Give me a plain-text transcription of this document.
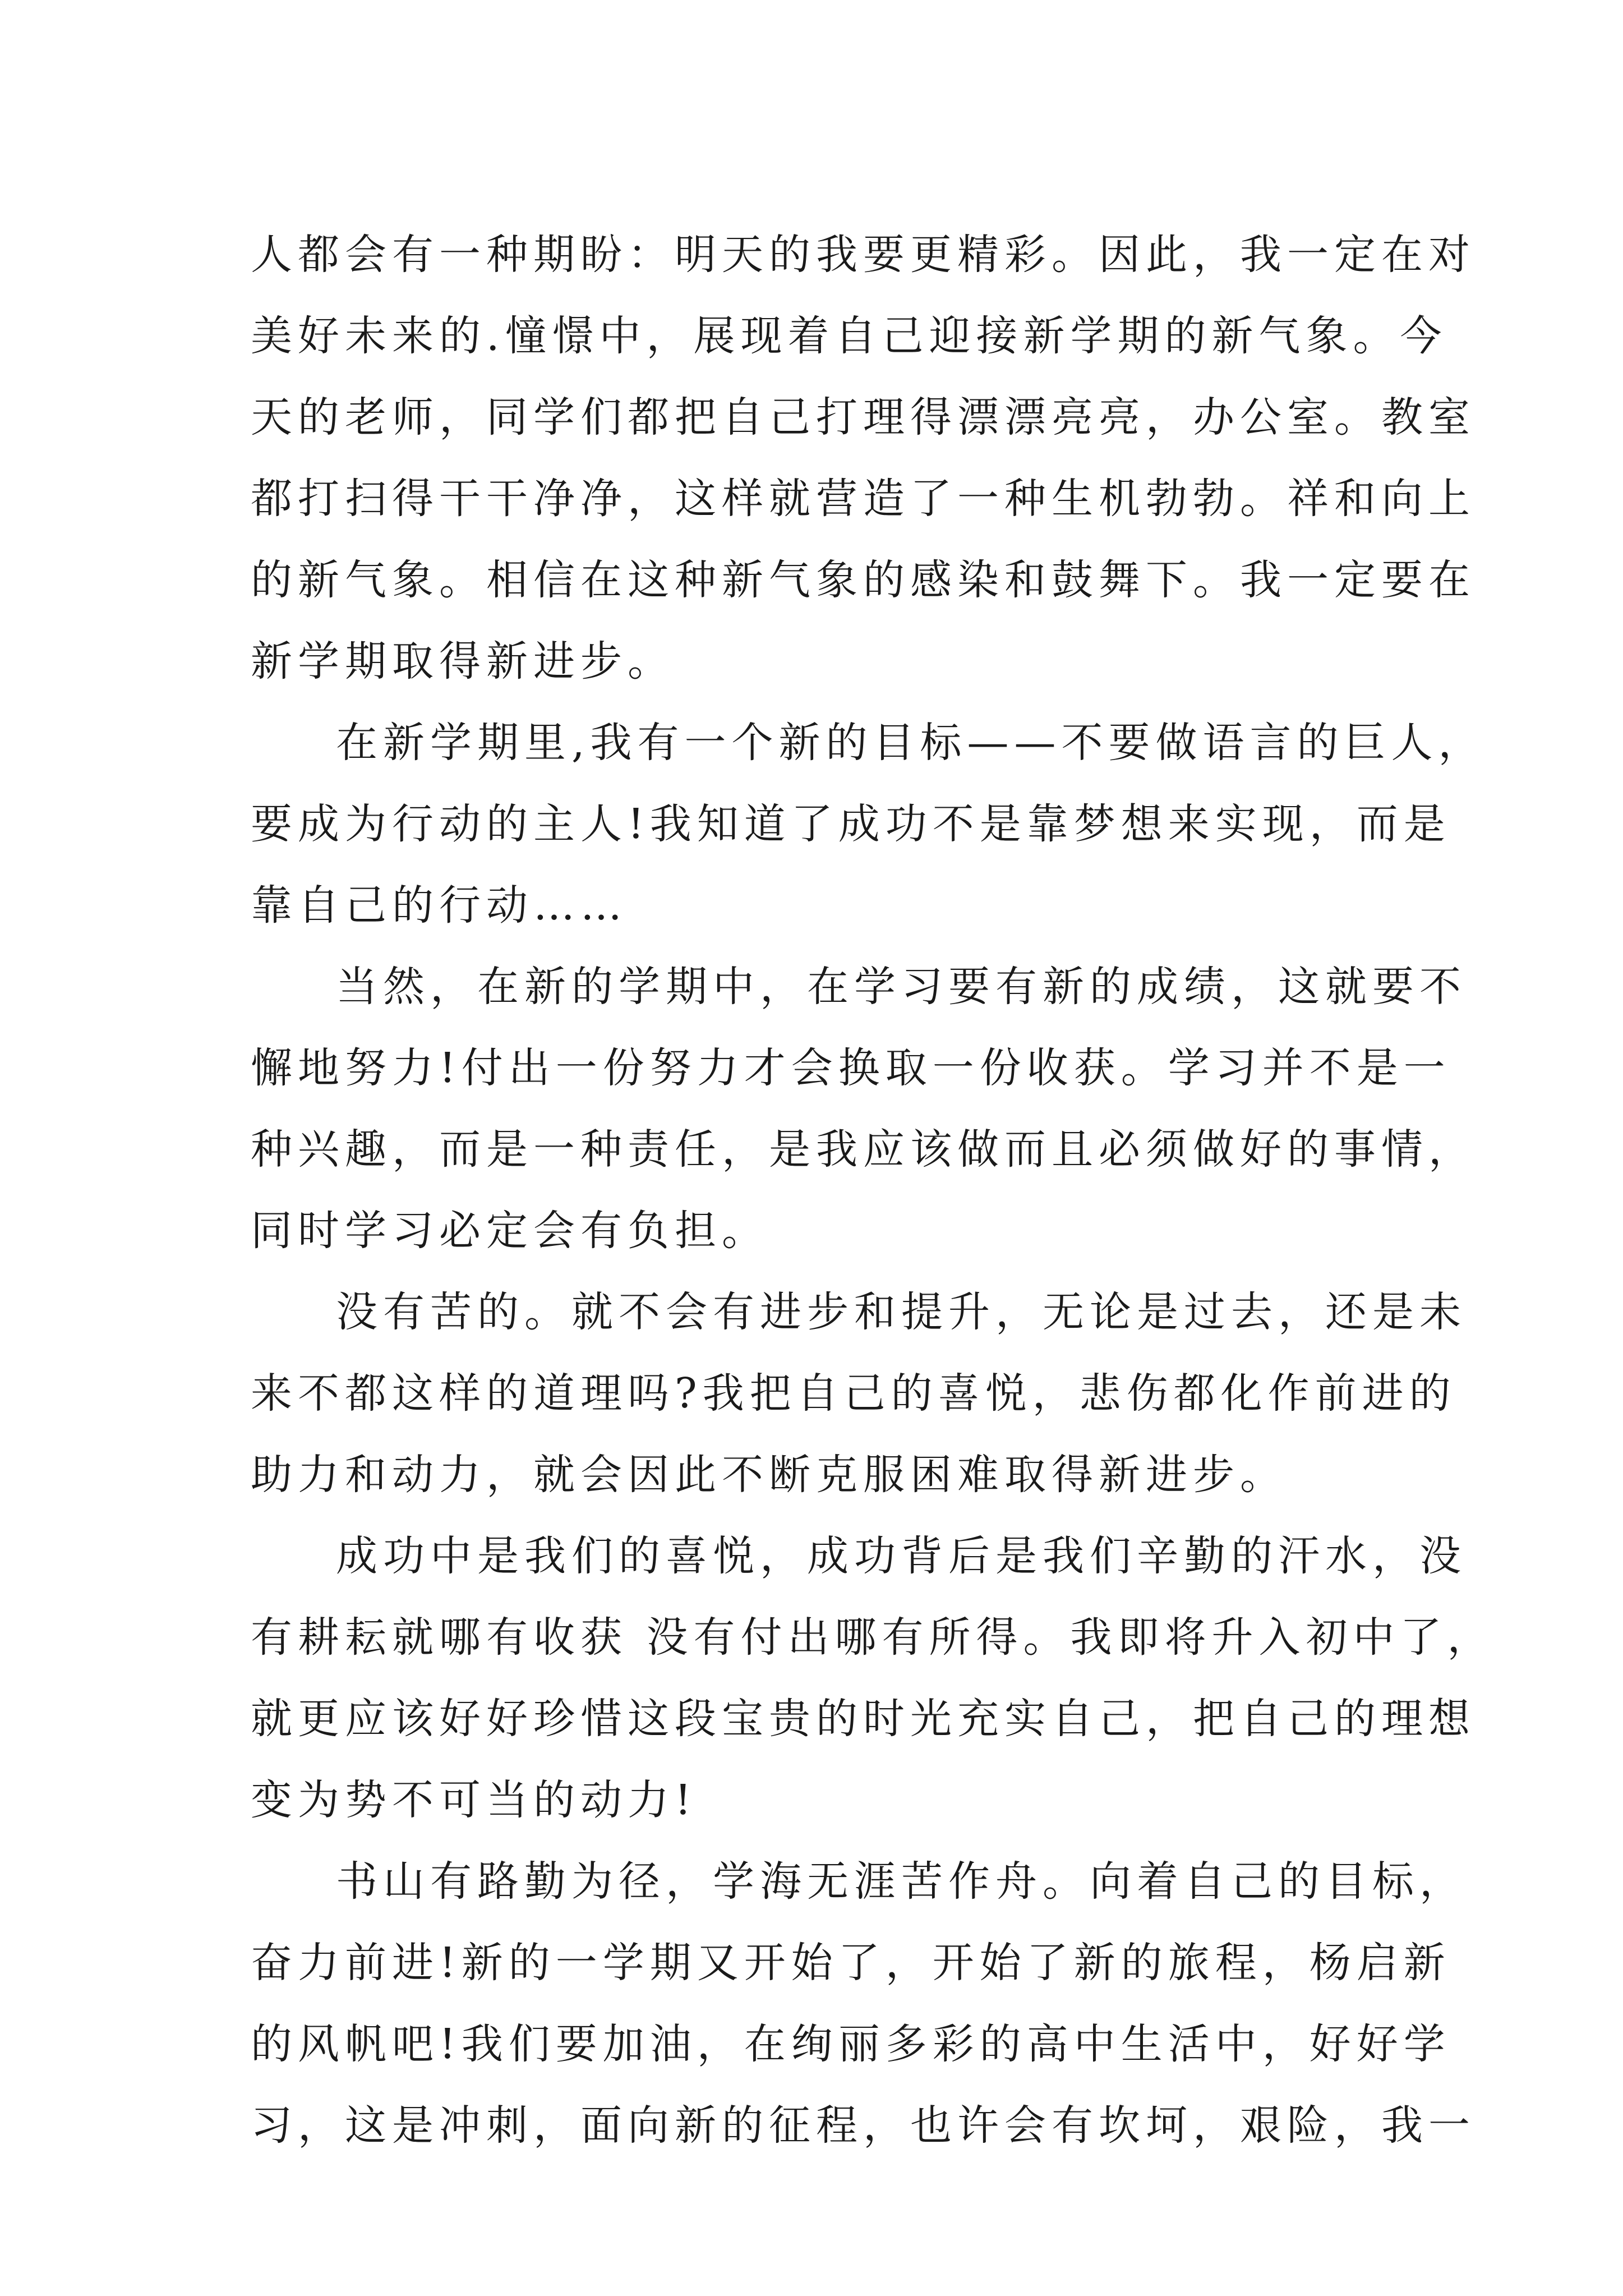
人都会有一种期盼：明天的我要更精彩。因此，我一定在对
美好未来的.憧憬中，展现着自己迎接新学期的新气象。今
天的老师，同学们都把自己打理得漂漂亮亮，办公室。教室
都打扫得干干净净，这样就营造了一种生机勃勃。祥和向上
的新气象。相信在这种新气象的感染和鼓舞下。我一定要在
新学期取得新进步。
在新学期里,我有一个新的目标——不要做语言的巨人，
要成为行动的主人!我知道了成功不是靠梦想来实现，而是
靠自己的行动……
当然，在新的学期中，在学习要有新的成绩，这就要不
懈地努力!付出一份努力才会换取一份收获。学习并不是一
种兴趣，而是一种责任，是我应该做而且必须做好的事情，
同时学习必定会有负担。
没有苦的。就不会有进步和提升，无论是过去，还是未
来不都这样的道理吗?我把自己的喜悦，悲伤都化作前进的
助力和动力，就会因此不断克服困难取得新进步。
成功中是我们的喜悦，成功背后是我们辛勤的汗水，没
有耕耘就哪有收获 没有付出哪有所得。我即将升入初中了，
就更应该好好珍惜这段宝贵的时光充实自己，把自己的理想
变为势不可当的动力!
书山有路勤为径，学海无涯苦作舟。向着自己的目标，
奋力前进!新的一学期又开始了，开始了新的旅程，杨启新
的风帆吧!我们要加油，在绚丽多彩的高中生活中，好好学
习，这是冲刺，面向新的征程，也许会有坎坷，艰险，我一
